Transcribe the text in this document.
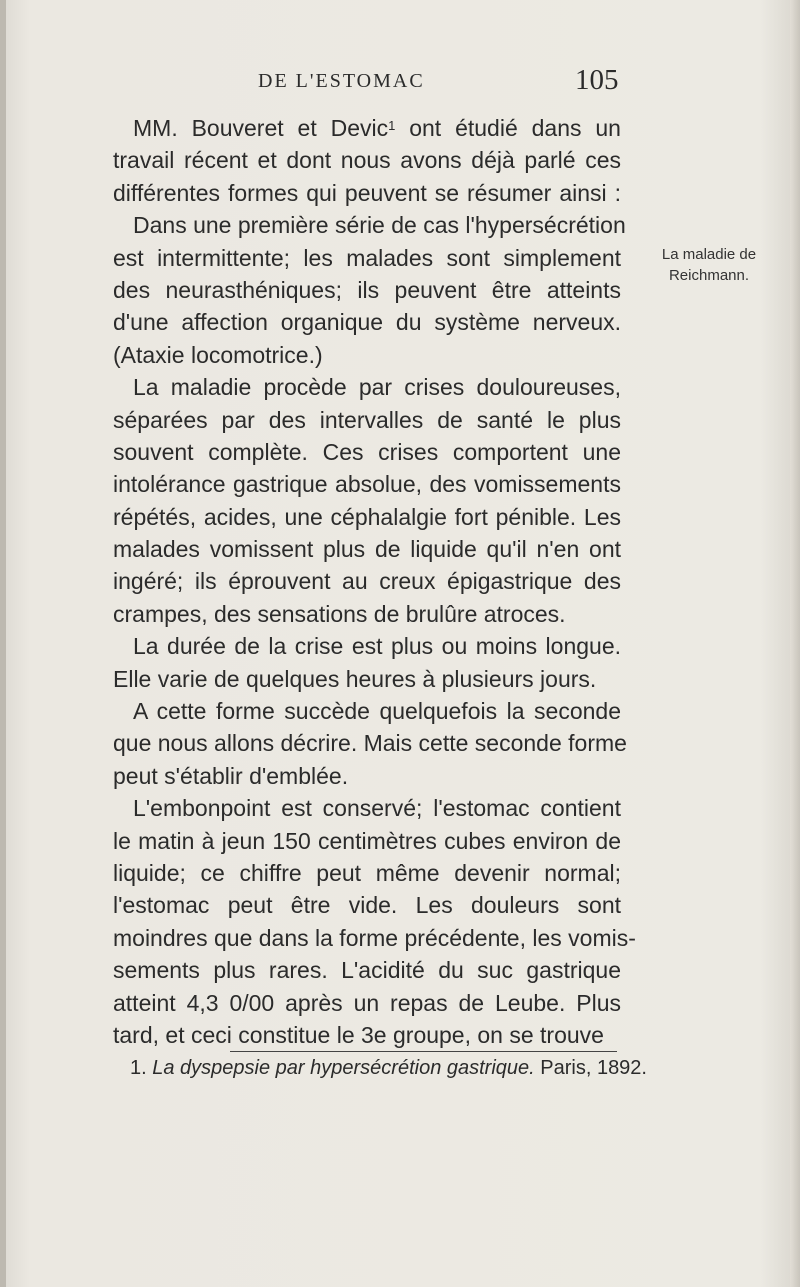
DE L'ESTOMAC	105
La maladie de
Reichmann.
MM. Bouveret et Devic$^1$ ont étudié dans un
travail récent et dont nous avons déjà parlé ces
différentes formes qui peuvent se résumer ainsi :
Dans une première série de cas l'hypersécrétion
est intermittente; les malades sont simplement
des neurasthéniques; ils peuvent être atteints
d'une affection organique du système nerveux.
(Ataxie locomotrice.)
La maladie procède par crises douloureuses,
séparées par des intervalles de santé le plus
souvent complète. Ces crises comportent une
intolérance gastrique absolue, des vomissements
répétés, acides, une céphalalgie fort pénible. Les
malades vomissent plus de liquide qu'il n'en ont
ingéré; ils éprouvent au creux épigastrique des
crampes, des sensations de brulûre atroces.
La durée de la crise est plus ou moins longue.
Elle varie de quelques heures à plusieurs jours.
A cette forme succède quelquefois la seconde
que nous allons décrire. Mais cette seconde forme
peut s'établir d'emblée.
L'embonpoint est conservé; l'estomac contient
le matin à jeun 150 centimètres cubes environ de
liquide; ce chiffre peut même devenir normal;
l'estomac peut être vide. Les douleurs sont
moindres que dans la forme précédente, les vomis-
sements plus rares. L'acidité du suc gastrique
atteint 4,3 0/00 après un repas de Leube. Plus
tard, et ceci constitue le 3e groupe, on se trouve
1. La dyspepsie par hypersécrétion gastrique. Paris, 1892.
